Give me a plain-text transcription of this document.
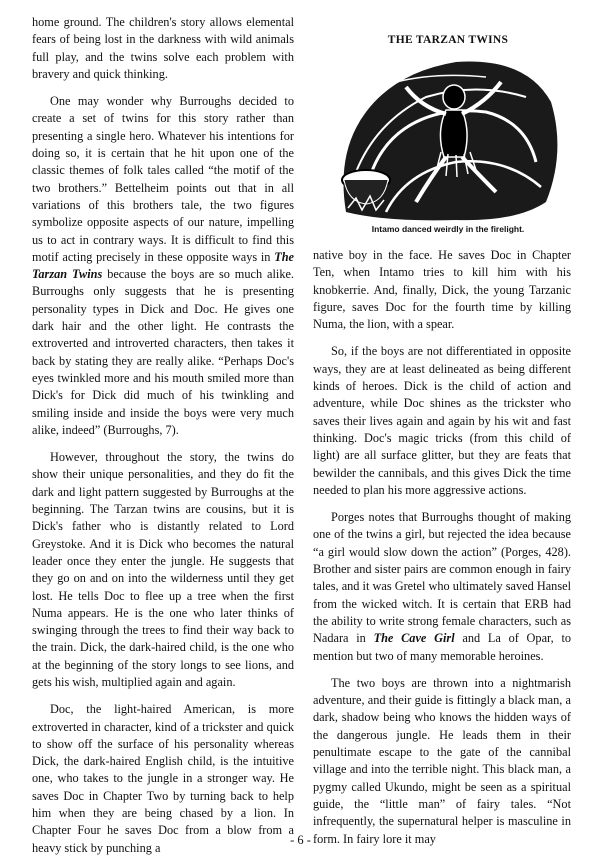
home ground. The children's story allows elemental fears of being lost in the darkness with wild animals full play, and the twins solve each problem with bravery and quick thinking.

One may wonder why Burroughs decided to create a set of twins for this story rather than presenting a single hero. Whatever his intentions for doing so, it is certain that he hit upon one of the classic themes of folk tales called “the motif of the two brothers.” Bettelheim points out that in all variations of this brothers tale, the two figures symbolize opposite aspects of our nature, impelling us to act in contrary ways. It is difficult to find this motif acting precisely in these opposite ways in The Tarzan Twins because the boys are so much alike. Burroughs only suggests that he is presenting personality types in Dick and Doc. He gives one dark hair and the other light. He contrasts the extroverted and introverted characters, then takes it back by stating they are really alike. “Perhaps Doc's eyes twinkled more and his mouth smiled more than Dick's for Dick did much of his twinkling and smiling inside and inside the boys were very much alike, indeed” (Burroughs, 7).

However, throughout the story, the twins do show their unique personalities, and they do fit the dark and light pattern suggested by Burroughs at the beginning. The Tarzan twins are cousins, but it is Dick's father who is distantly related to Lord Greystoke. And it is Dick who becomes the natural leader once they enter the jungle. He suggests that they go on and on into the wilderness until they get lost. He tells Doc to flee up a tree when the first Numa appears. He is the one who later thinks of swinging through the trees to find their way back to the train. Dick, the dark-haired child, is the one who at the beginning of the story longs to see lions, and gets his wish, multiplied again and again.

Doc, the light-haired American, is more extroverted in character, kind of a trickster and quick to show off the surface of his personality whereas Dick, the dark-haired English child, is the intuitive one, who takes to the jungle in a stronger way. He saves Doc in Chapter Two by turning back to help him when they are being chased by a lion. In Chapter Four he saves Doc from a blow from a heavy stick by punching a

THE TARZAN TWINS
Intamo danced weirdly in the firelight.

native boy in the face. He saves Doc in Chapter Ten, when Intamo tries to kill him with his knobkerrie. And, finally, Dick, the young Tarzanic figure, saves Doc for the fourth time by killing Numa, the lion, with a spear.

So, if the boys are not differentiated in opposite ways, they are at least delineated as being different kinds of heroes. Dick is the child of action and adventure, while Doc shines as the trickster who saves their lives again and again by his wit and fast thinking. Doc's magic tricks (from this child of light) are all surface glitter, but they are feats that bewilder the cannibals, and this gives Dick the time needed to plan his more aggressive actions.

Porges notes that Burroughs thought of making one of the twins a girl, but rejected the idea because “a girl would slow down the action” (Porges, 428). Brother and sister pairs are common enough in fairy tales, and it was Gretel who ultimately saved Hansel from the wicked witch. It is certain that ERB had the ability to write strong female characters, such as Nadara in The Cave Girl and La of Opar, to mention but two of many memorable heroines.

The two boys are thrown into a nightmarish adventure, and their guide is fittingly a black man, a dark, shadow being who knows the hidden ways of the dangerous jungle. He leads them in their penultimate escape to the gate of the cannibal village and into the terrible night. This black man, a pygmy called Ukundo, might be seen as a spiritual guide, the “little man” of fairy tales. “Not infrequently, the supernatural helper is masculine in form. In fairy lore it may

- 6 -
